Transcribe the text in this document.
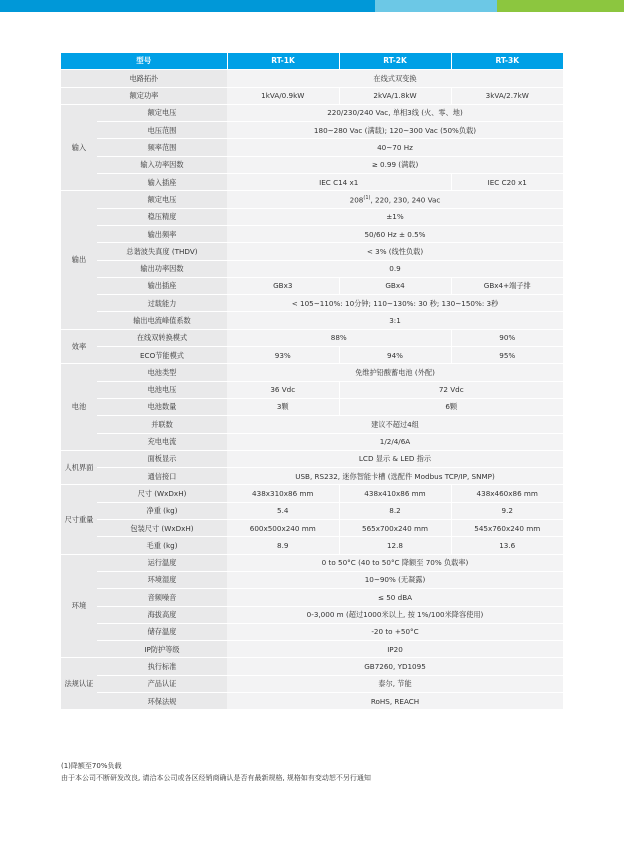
型号		RT-1K	RT-2K	RT-3K
电路拓扑		在线式双变换		
额定功率		1kVA/0.9kW	2kVA/1.8kW	3kVA/2.7kW
输入	额定电压	220/230/240 Vac, 单相3线 (火、零、地)		
	电压范围	180~280 Vac (满载); 120~300 Vac (50%负载)		
	频率范围	40~70 Hz		
	输入功率因数	≥ 0.99 (满载)		
	输入插座	IEC C14 x1		IEC C20 x1
输出	额定电压	208$^{(1)}$, 220, 230, 240 Vac		
	稳压精度	±1%		
	输出频率	50/60 Hz ± 0.5%		
	总谐波失真度 (THDV)	< 3% (线性负载)		
	输出功率因数	0.9		
	输出插座	GBx3	GBx4	GBx4+端子排
	过载能力	< 105~110%: 10分钟; 110~130%: 30 秒; 130~150%: 3秒		
	输出电流峰值系数	3:1		
效率	在线双转换模式	88%		90%
	ECO节能模式	93%	94%	95%
电池	电池类型	免维护铅酸蓄电池 (外配)		
	电池电压	36 Vdc	72 Vdc	
	电池数量	3颗	6颗	
	并联数	建议不超过4组		
	充电电流	1/2/4/6A		
人机界面	面板显示	LCD 显示 & LED 指示		
	通信接口	USB, RS232, 迷你智能卡槽 (选配件 Modbus TCP/IP, SNMP)		
尺寸重量	尺寸 (WxDxH)	438x310x86 mm	438x410x86 mm	438x460x86 mm
	净重 (kg)	5.4	8.2	9.2
	包装尺寸 (WxDxH)	600x500x240 mm	565x700x240 mm	545x760x240 mm
	毛重 (kg)	8.9	12.8	13.6
环境	运行温度	0 to 50°C (40 to 50°C 降额至 70% 负载率)		
	环境湿度	10~90% (无凝露)		
	音频噪音	≤ 50 dBA		
	海拔高度	0-3,000 m (超过1000米以上, 按 1%/100米降容使用)		
	储存温度	-20 to +50°C		
	IP防护等级	IP20		
法规认证	执行标准	GB7260, YD1095		
	产品认证	泰尔, 节能		
	环保法规	RoHS, REACH		
(1)降额至70%负载
由于本公司不断研发改良, 请洽本公司或各区经销商确认是否有最新规格, 规格如有变动恕不另行通知
